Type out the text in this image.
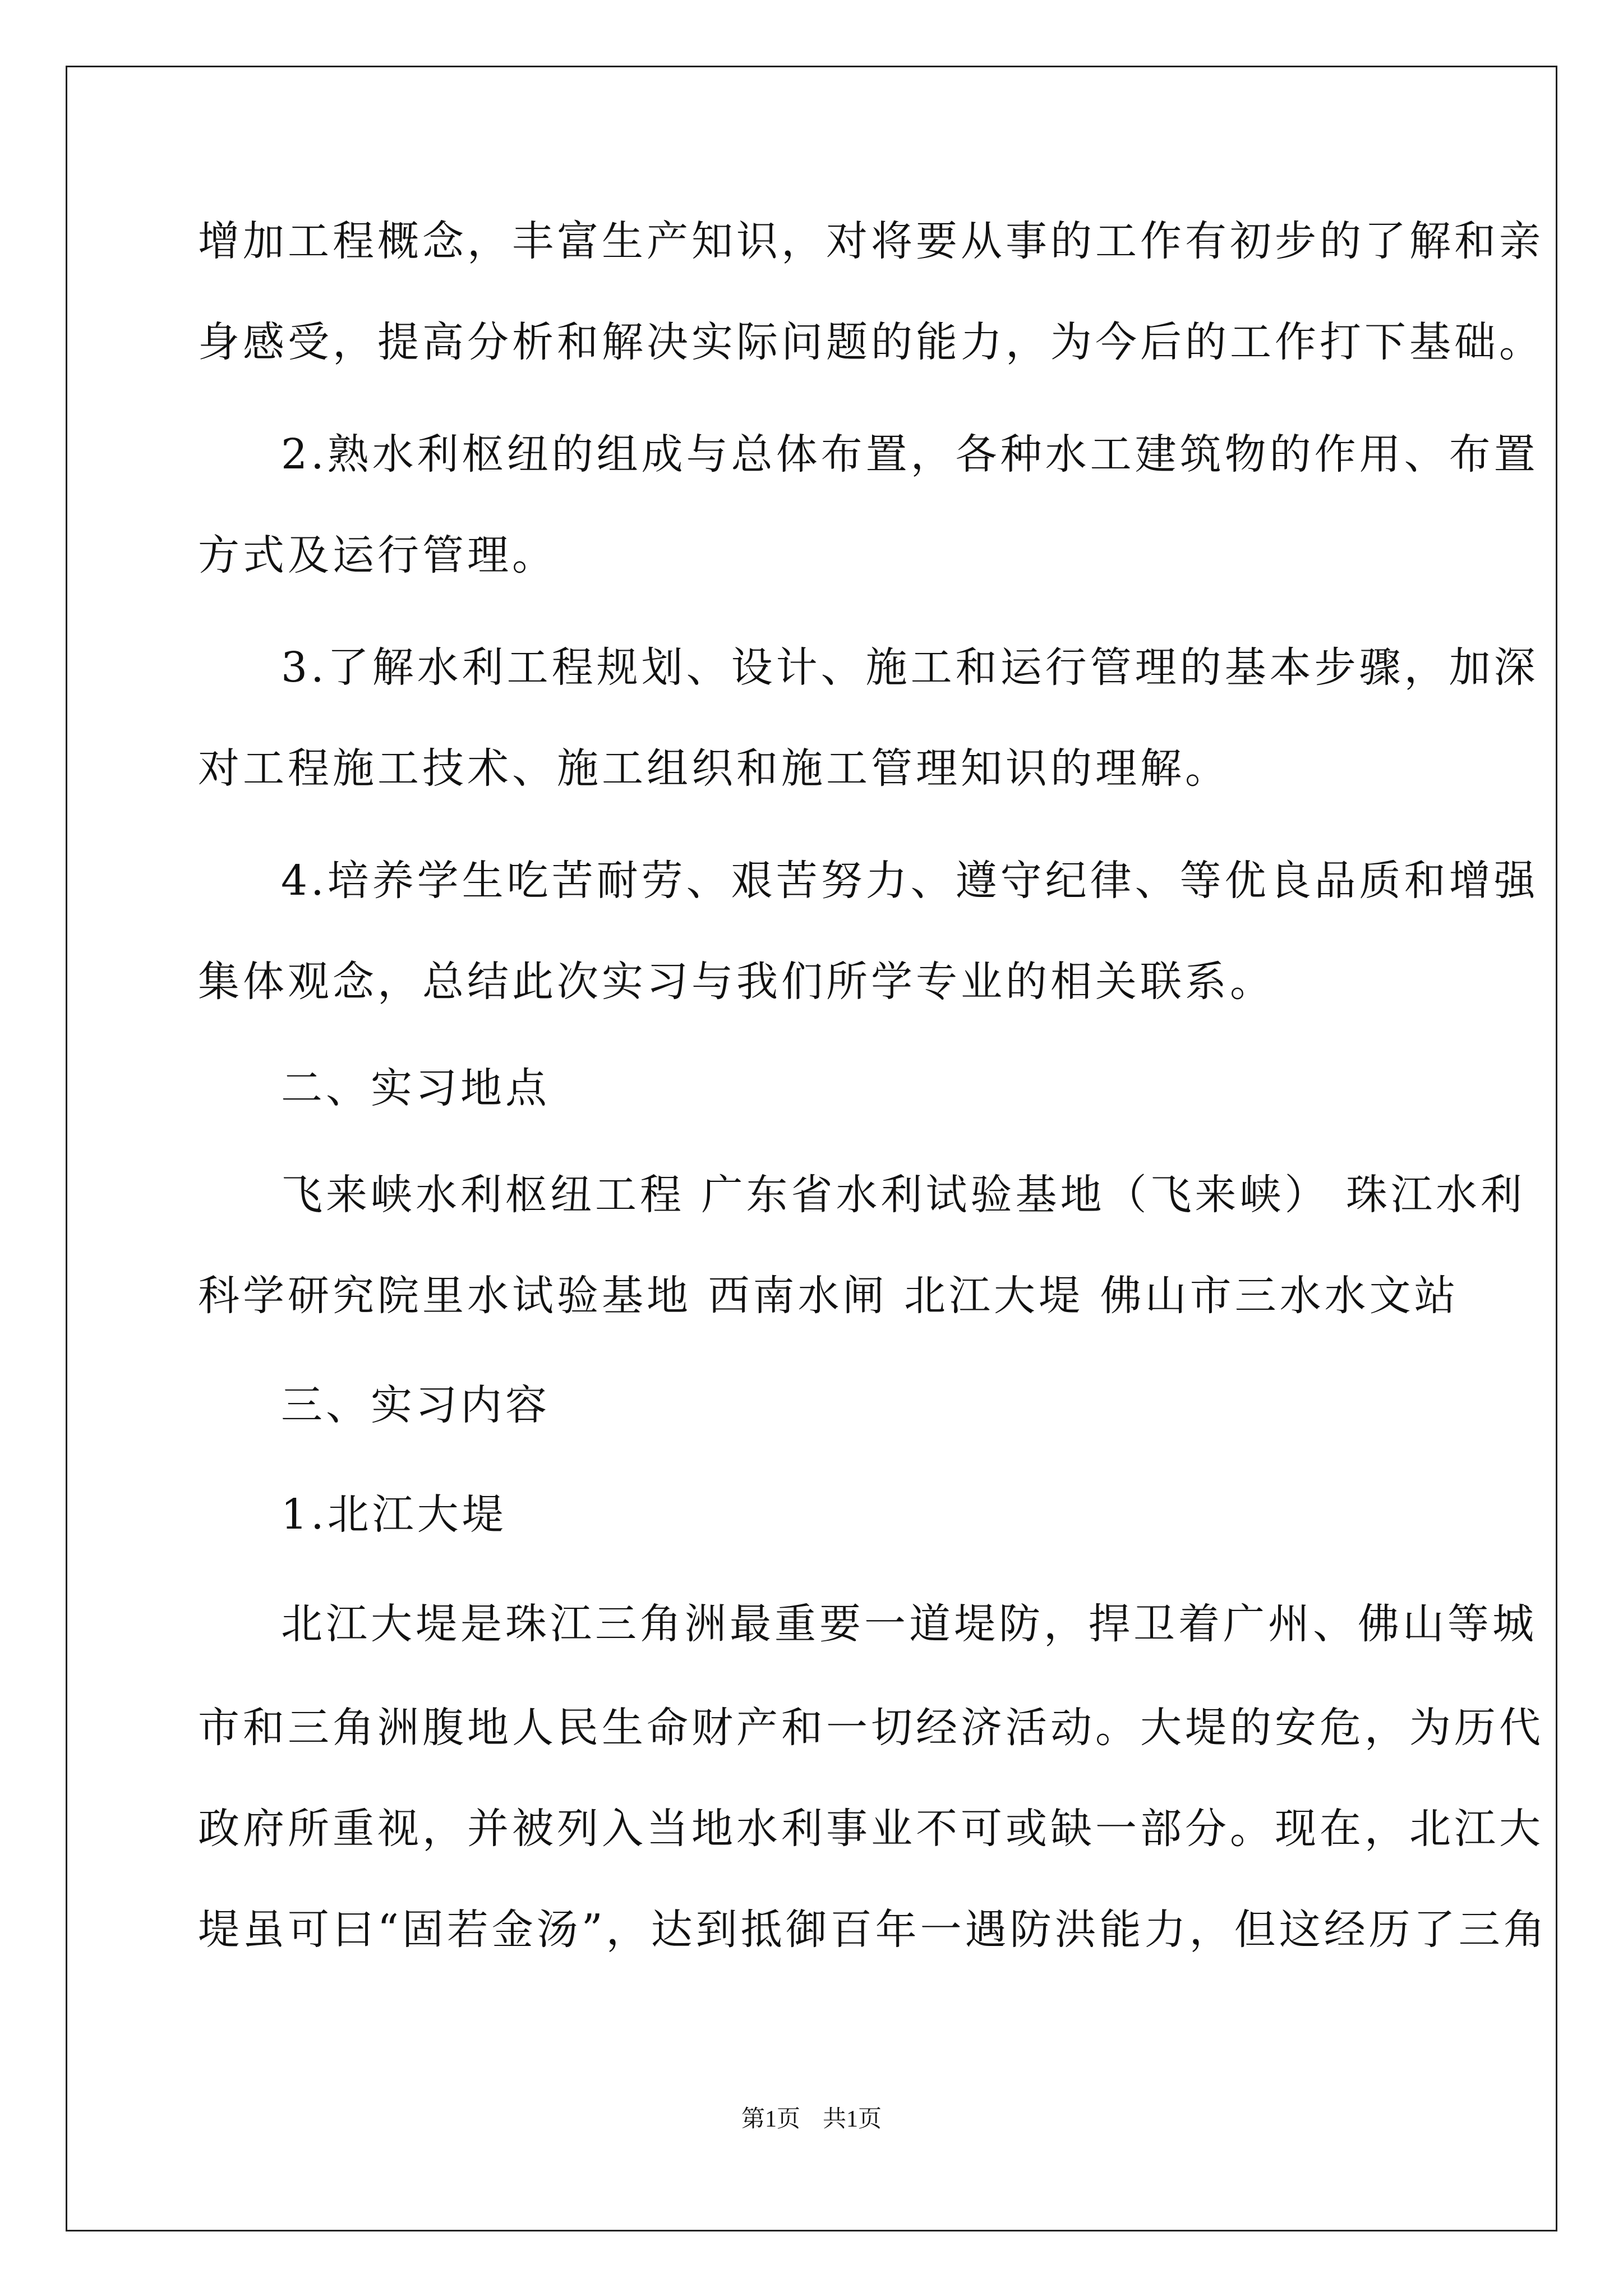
增加工程概念，丰富生产知识，对将要从事的工作有初步的了解和亲
身感受，提高分析和解决实际问题的能力，为今后的工作打下基础。
2.熟水利枢纽的组成与总体布置，各种水工建筑物的作用、布置
方式及运行管理。
3.了解水利工程规划、设计、施工和运行管理的基本步骤，加深
对工程施工技术、施工组织和施工管理知识的理解。
4.培养学生吃苦耐劳、艰苦努力、遵守纪律、等优良品质和增强
集体观念，总结此次实习与我们所学专业的相关联系。
二、实习地点
飞来峡水利枢纽工程 广东省水利试验基地（飞来峡） 珠江水利
科学研究院里水试验基地 西南水闸 北江大堤 佛山市三水水文站
三、实习内容
1.北江大堤
北江大堤是珠江三角洲最重要一道堤防，捍卫着广州、佛山等城
市和三角洲腹地人民生命财产和一切经济活动。大堤的安危，为历代
政府所重视，并被列入当地水利事业不可或缺一部分。现在，北江大
堤虽可曰“固若金汤”，达到抵御百年一遇防洪能力，但这经历了三角
第1页 共1页
